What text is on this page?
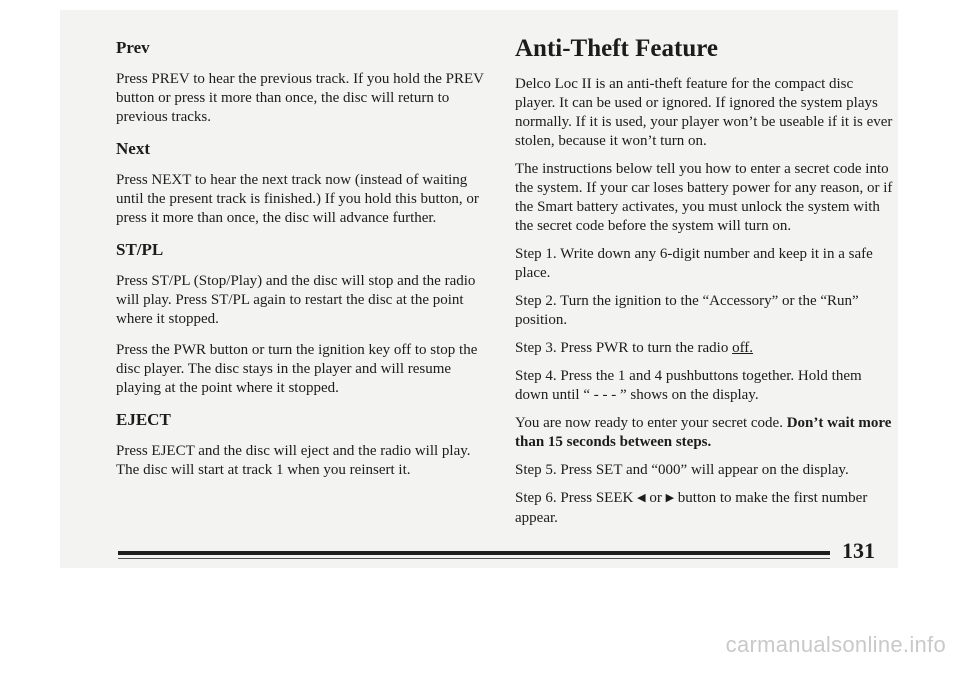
Prev

Press PREV to hear the previous track. If you hold the PREV button or press it more than once, the disc will return to previous tracks.

Next

Press NEXT to hear the next track now (instead of waiting until the present track is finished.) If you hold this button, or press it more than once, the disc will advance further.

ST/PL

Press ST/PL (Stop/Play) and the disc will stop and the radio will play. Press ST/PL again to restart the disc at the point where it stopped.

Press the PWR button or turn the ignition key off to stop the disc player. The disc stays in the player and will resume playing at the point where it stopped.

EJECT

Press EJECT and the disc will eject and the radio will play. The disc will start at track 1 when you reinsert it.

Anti-Theft Feature

Delco Loc II is an anti-theft feature for the compact disc player. It can be used or ignored. If ignored the system plays normally. If it is used, your player won’t be useable if it is ever stolen, because it won’t turn on.

The instructions below tell you how to enter a secret code into the system. If your car loses battery power for any reason, or if the Smart battery activates, you must unlock the system with the secret code before the system will turn on.

Step 1. Write down any 6-digit number and keep it in a safe place.

Step 2. Turn the ignition to the “Accessory” or the “Run” position.

Step 3. Press PWR to turn the radio off.

Step 4. Press the 1 and 4 pushbuttons together. Hold them down until “ - - - ” shows on the display.

You are now ready to enter your secret code. Don’t wait more than 15 seconds between steps.

Step 5. Press SET and “000” will appear on the display.

Step 6. Press SEEK ◀ or ▶ button to make the first number appear.

131
carmanualsonline.info
